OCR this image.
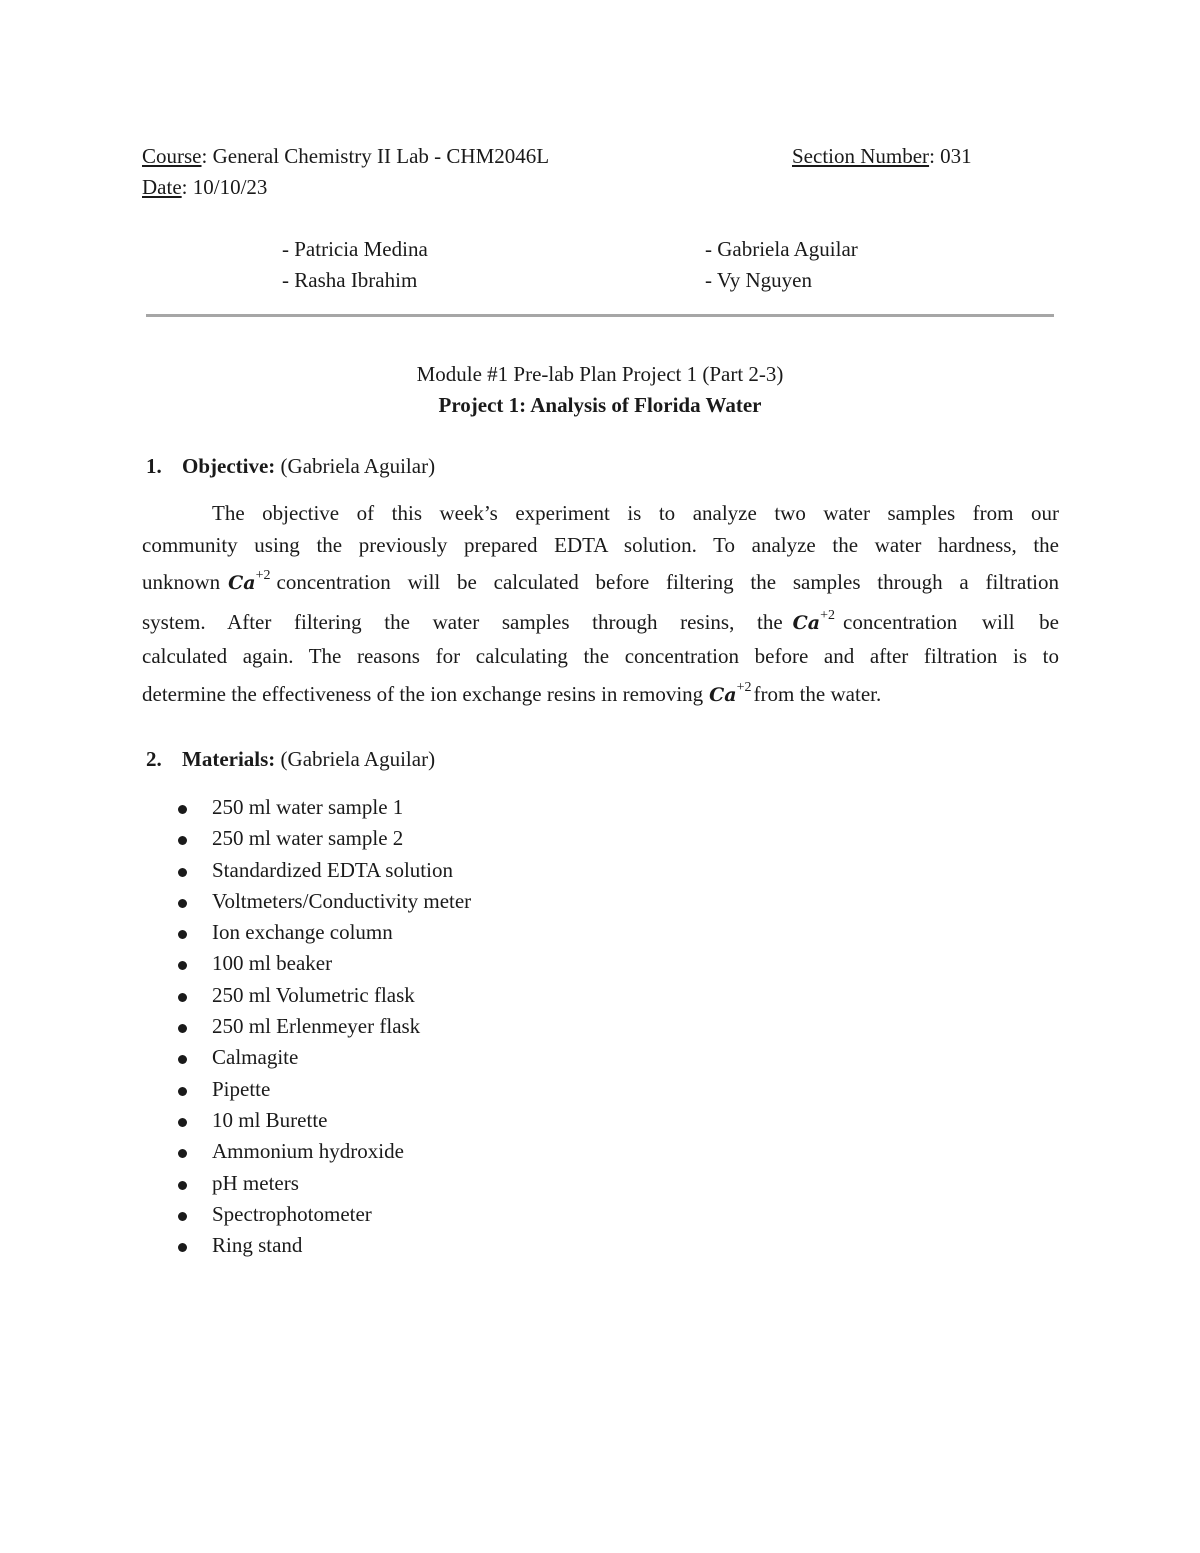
Course: General Chemistry II Lab - CHM2046L	Section Number: 031
Date: 10/10/23
- Patricia Medina
- Rasha Ibrahim
- Gabriela Aguilar
- Vy Nguyen
Module #1 Pre-lab Plan Project 1 (Part 2-3)
Project 1: Analysis of Florida Water
1. Objective: (Gabriela Aguilar)
The objective of this week’s experiment is to analyze two water samples from our
community using the previously prepared EDTA solution. To analyze the water hardness, the
unknown $Ca^{+2}$ concentration will be calculated before filtering the samples through a filtration
system. After filtering the water samples through resins, the $Ca^{+2}$ concentration will be
calculated again. The reasons for calculating the concentration before and after filtration is to
determine the effectiveness of the ion exchange resins in removing $Ca^{+2}$ from the water.
2. Materials: (Gabriela Aguilar)
250 ml water sample 1
250 ml water sample 2
Standardized EDTA solution
Voltmeters/Conductivity meter
Ion exchange column
100 ml beaker
250 ml Volumetric flask
250 ml Erlenmeyer flask
Calmagite
Pipette
10 ml Burette
Ammonium hydroxide
pH meters
Spectrophotometer
Ring stand
